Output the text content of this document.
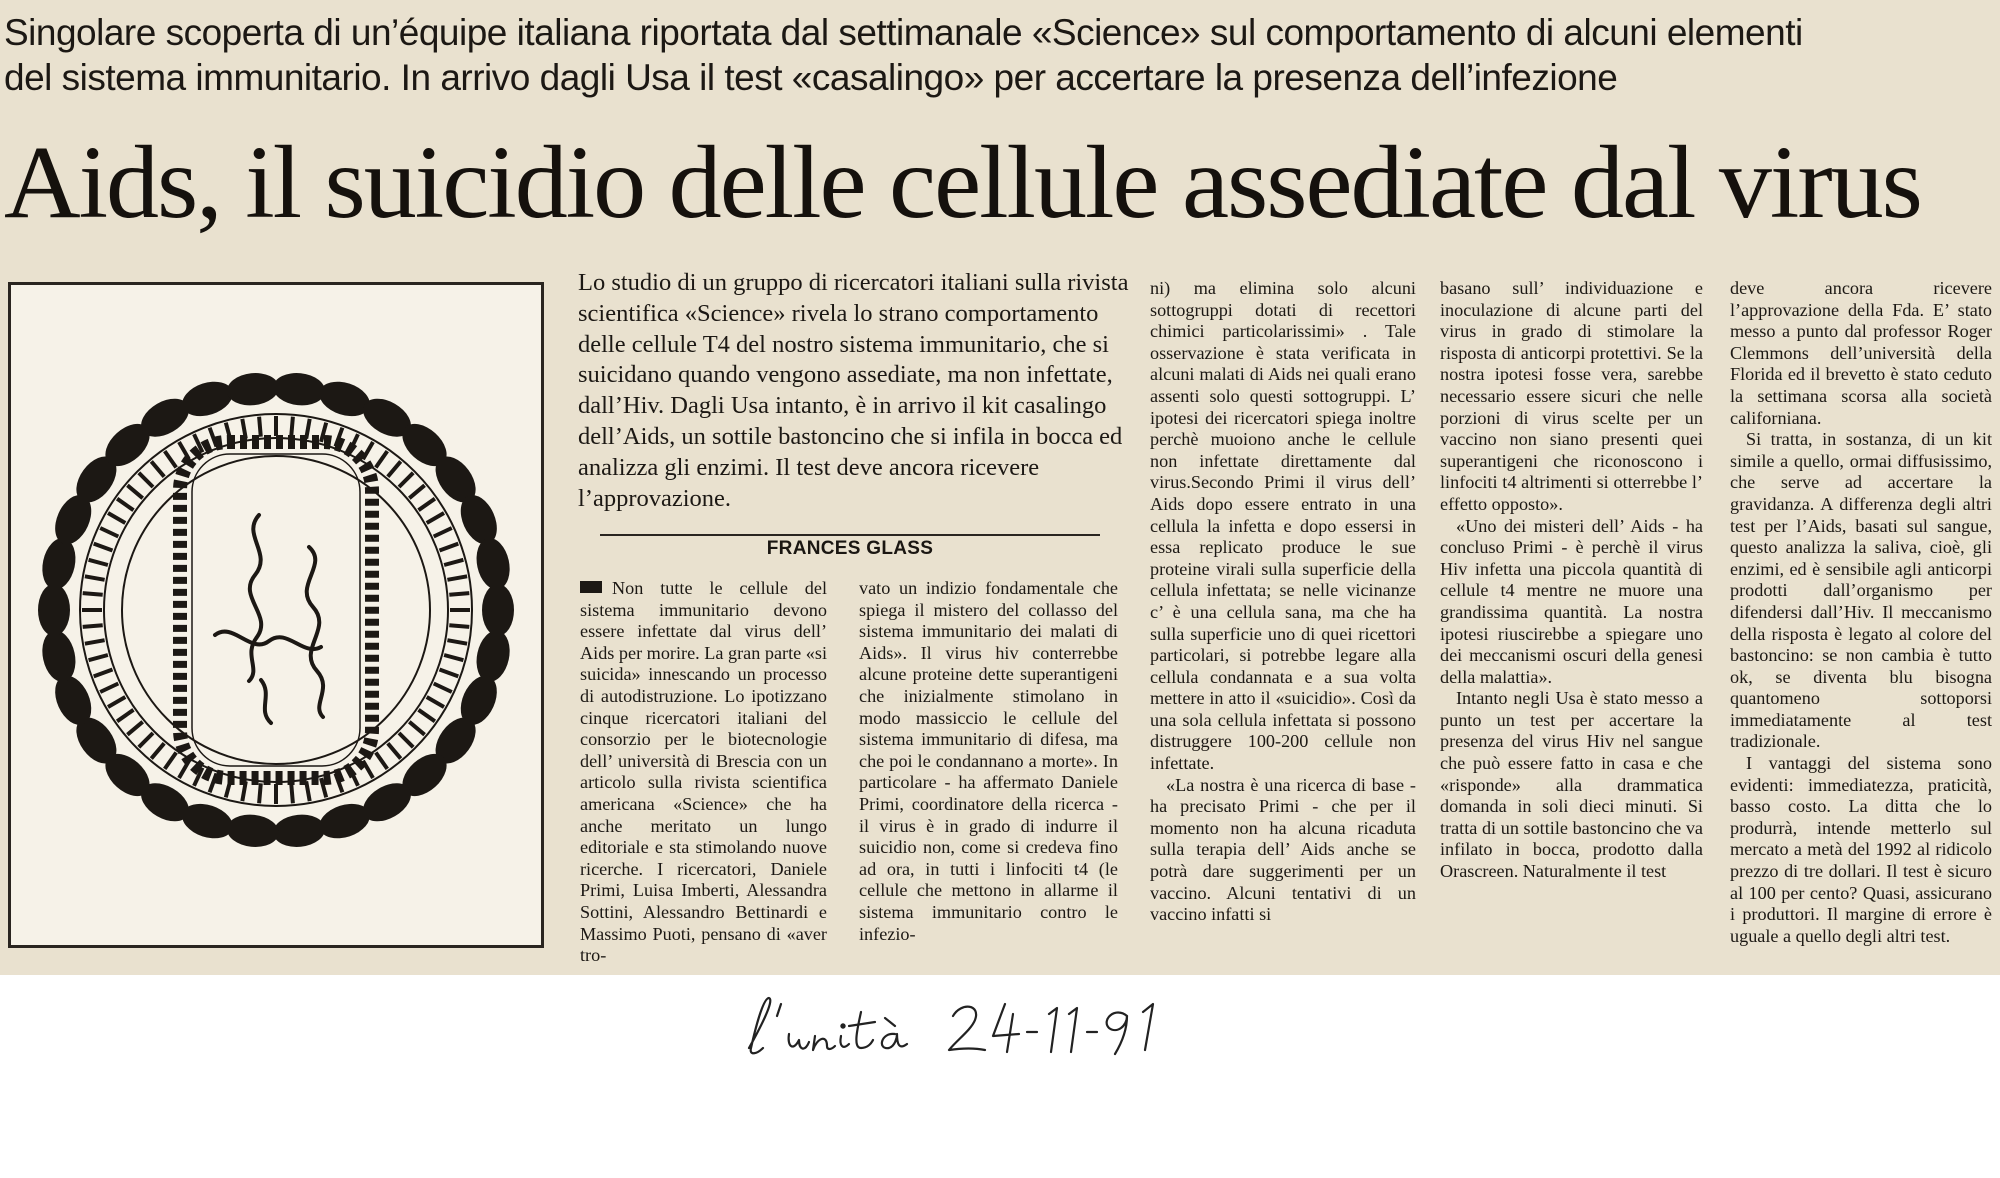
Singolare scoperta di un’équipe italiana riportata dal settimanale «Science» sul comportamento di alcuni elementi
del sistema immunitario. In arrivo dagli Usa il test «casalingo» per accertare la presenza dell’infezione
Aids, il suicidio delle cellule assediate dal virus
Lo studio di un gruppo di ricercatori italiani sulla rivista scientifica «Science» rivela lo strano comportamento delle cellule T4 del nostro sistema immunitario, che si suicidano quando vengono assediate, ma non infettate, dall’Hiv. Dagli Usa intanto, è in arrivo il kit casalingo dell’Aids, un sottile bastoncino che si infila in bocca ed analizza gli enzimi. Il test deve ancora ricevere l’approvazione.
FRANCES GLASS

Non tutte le cellule del sistema immunitario devono essere infettate dal virus dell’ Aids per morire. La gran parte «si suicida» innescando un processo di autodistruzione. Lo ipotizzano cinque ricercatori italiani del consorzio per le biotecnologie dell’ università di Brescia con un articolo sulla rivista scientifica americana «Science» che ha anche meritato un lungo editoriale e sta stimolando nuove ricerche. I ricercatori, Daniele Primi, Luisa Imberti, Alessandra Sottini, Alessandro Bettinardi e Massimo Puoti, pensano di «aver tro-

vato un indizio fondamentale che spiega il mistero del collasso del sistema immunitario dei malati di Aids». Il virus hiv conterrebbe alcune proteine dette superantigeni che inizialmente stimolano in modo massiccio le cellule del sistema immunitario di difesa, ma che poi le condannano a morte». In particolare - ha affermato Daniele Primi, coordinatore della ricerca - il virus è in grado di indurre il suicidio non, come si credeva fino ad ora, in tutti i linfociti t4 (le cellule che mettono in allarme il sistema immunitario contro le infezio-

ni) ma elimina solo alcuni sottogruppi dotati di recettori chimici particolarissimi» . Tale osservazione è stata verificata in alcuni malati di Aids nei quali erano assenti solo questi sottogruppi. L’ ipotesi dei ricercatori spiega inoltre perchè muoiono anche le cellule non infettate direttamente dal virus.Secondo Primi il virus dell’ Aids dopo essere entrato in una cellula la infetta e dopo essersi in essa replicato produce le sue proteine virali sulla superficie della cellula infettata; se nelle vicinanze c’ è una cellula sana, ma che ha sulla superficie uno di quei ricettori particolari, si potrebbe legare alla cellula condannata e a sua volta mettere in atto il «suicidio». Così da una sola cellula infettata si possono distruggere 100-200 cellule non infettate.

«La nostra è una ricerca di base - ha precisato Primi - che per il momento non ha alcuna ricaduta sulla terapia dell’ Aids anche se potrà dare suggerimenti per un vaccino. Alcuni tentativi di un vaccino infatti si

basano sull’ individuazione e inoculazione di alcune parti del virus in grado di stimolare la risposta di anticorpi protettivi. Se la nostra ipotesi fosse vera, sarebbe necessario essere sicuri che nelle porzioni di virus scelte per un vaccino non siano presenti quei superantigeni che riconoscono i linfociti t4 altrimenti si otterrebbe l’ effetto opposto».

«Uno dei misteri dell’ Aids - ha concluso Primi - è perchè il virus Hiv infetta una piccola quantità di cellule t4 mentre ne muore una grandissima quantità. La nostra ipotesi riuscirebbe a spiegare uno dei meccanismi oscuri della genesi della malattia».

Intanto negli Usa è stato messo a punto un test per accertare la presenza del virus Hiv nel sangue che può essere fatto in casa e che «risponde» alla drammatica domanda in soli dieci minuti. Si tratta di un sottile bastoncino che va infilato in bocca, prodotto dalla Orascreen. Naturalmente il test

deve ancora ricevere l’approvazione della Fda. E’ stato messo a punto dal professor Roger Clemmons dell’università della Florida ed il brevetto è stato ceduto la settimana scorsa alla società californiana.

Si tratta, in sostanza, di un kit simile a quello, ormai diffusissimo, che serve ad accertare la gravidanza. A differenza degli altri test per l’Aids, basati sul sangue, questo analizza la saliva, cioè, gli enzimi, ed è sensibile agli anticorpi prodotti dall’organismo per difendersi dall’Hiv. Il meccanismo della risposta è legato al colore del bastoncino: se non cambia è tutto ok, se diventa blu bisogna quantomeno sottoporsi immediatamente al test tradizionale.

I vantaggi del sistema sono evidenti: immediatezza, praticità, basso costo. La ditta che lo produrrà, intende metterlo sul mercato a metà del 1992 al ridicolo prezzo di tre dollari. Il test è sicuro al 100 per cento? Quasi, assicurano i produttori. Il margine di errore è uguale a quello degli altri test.
